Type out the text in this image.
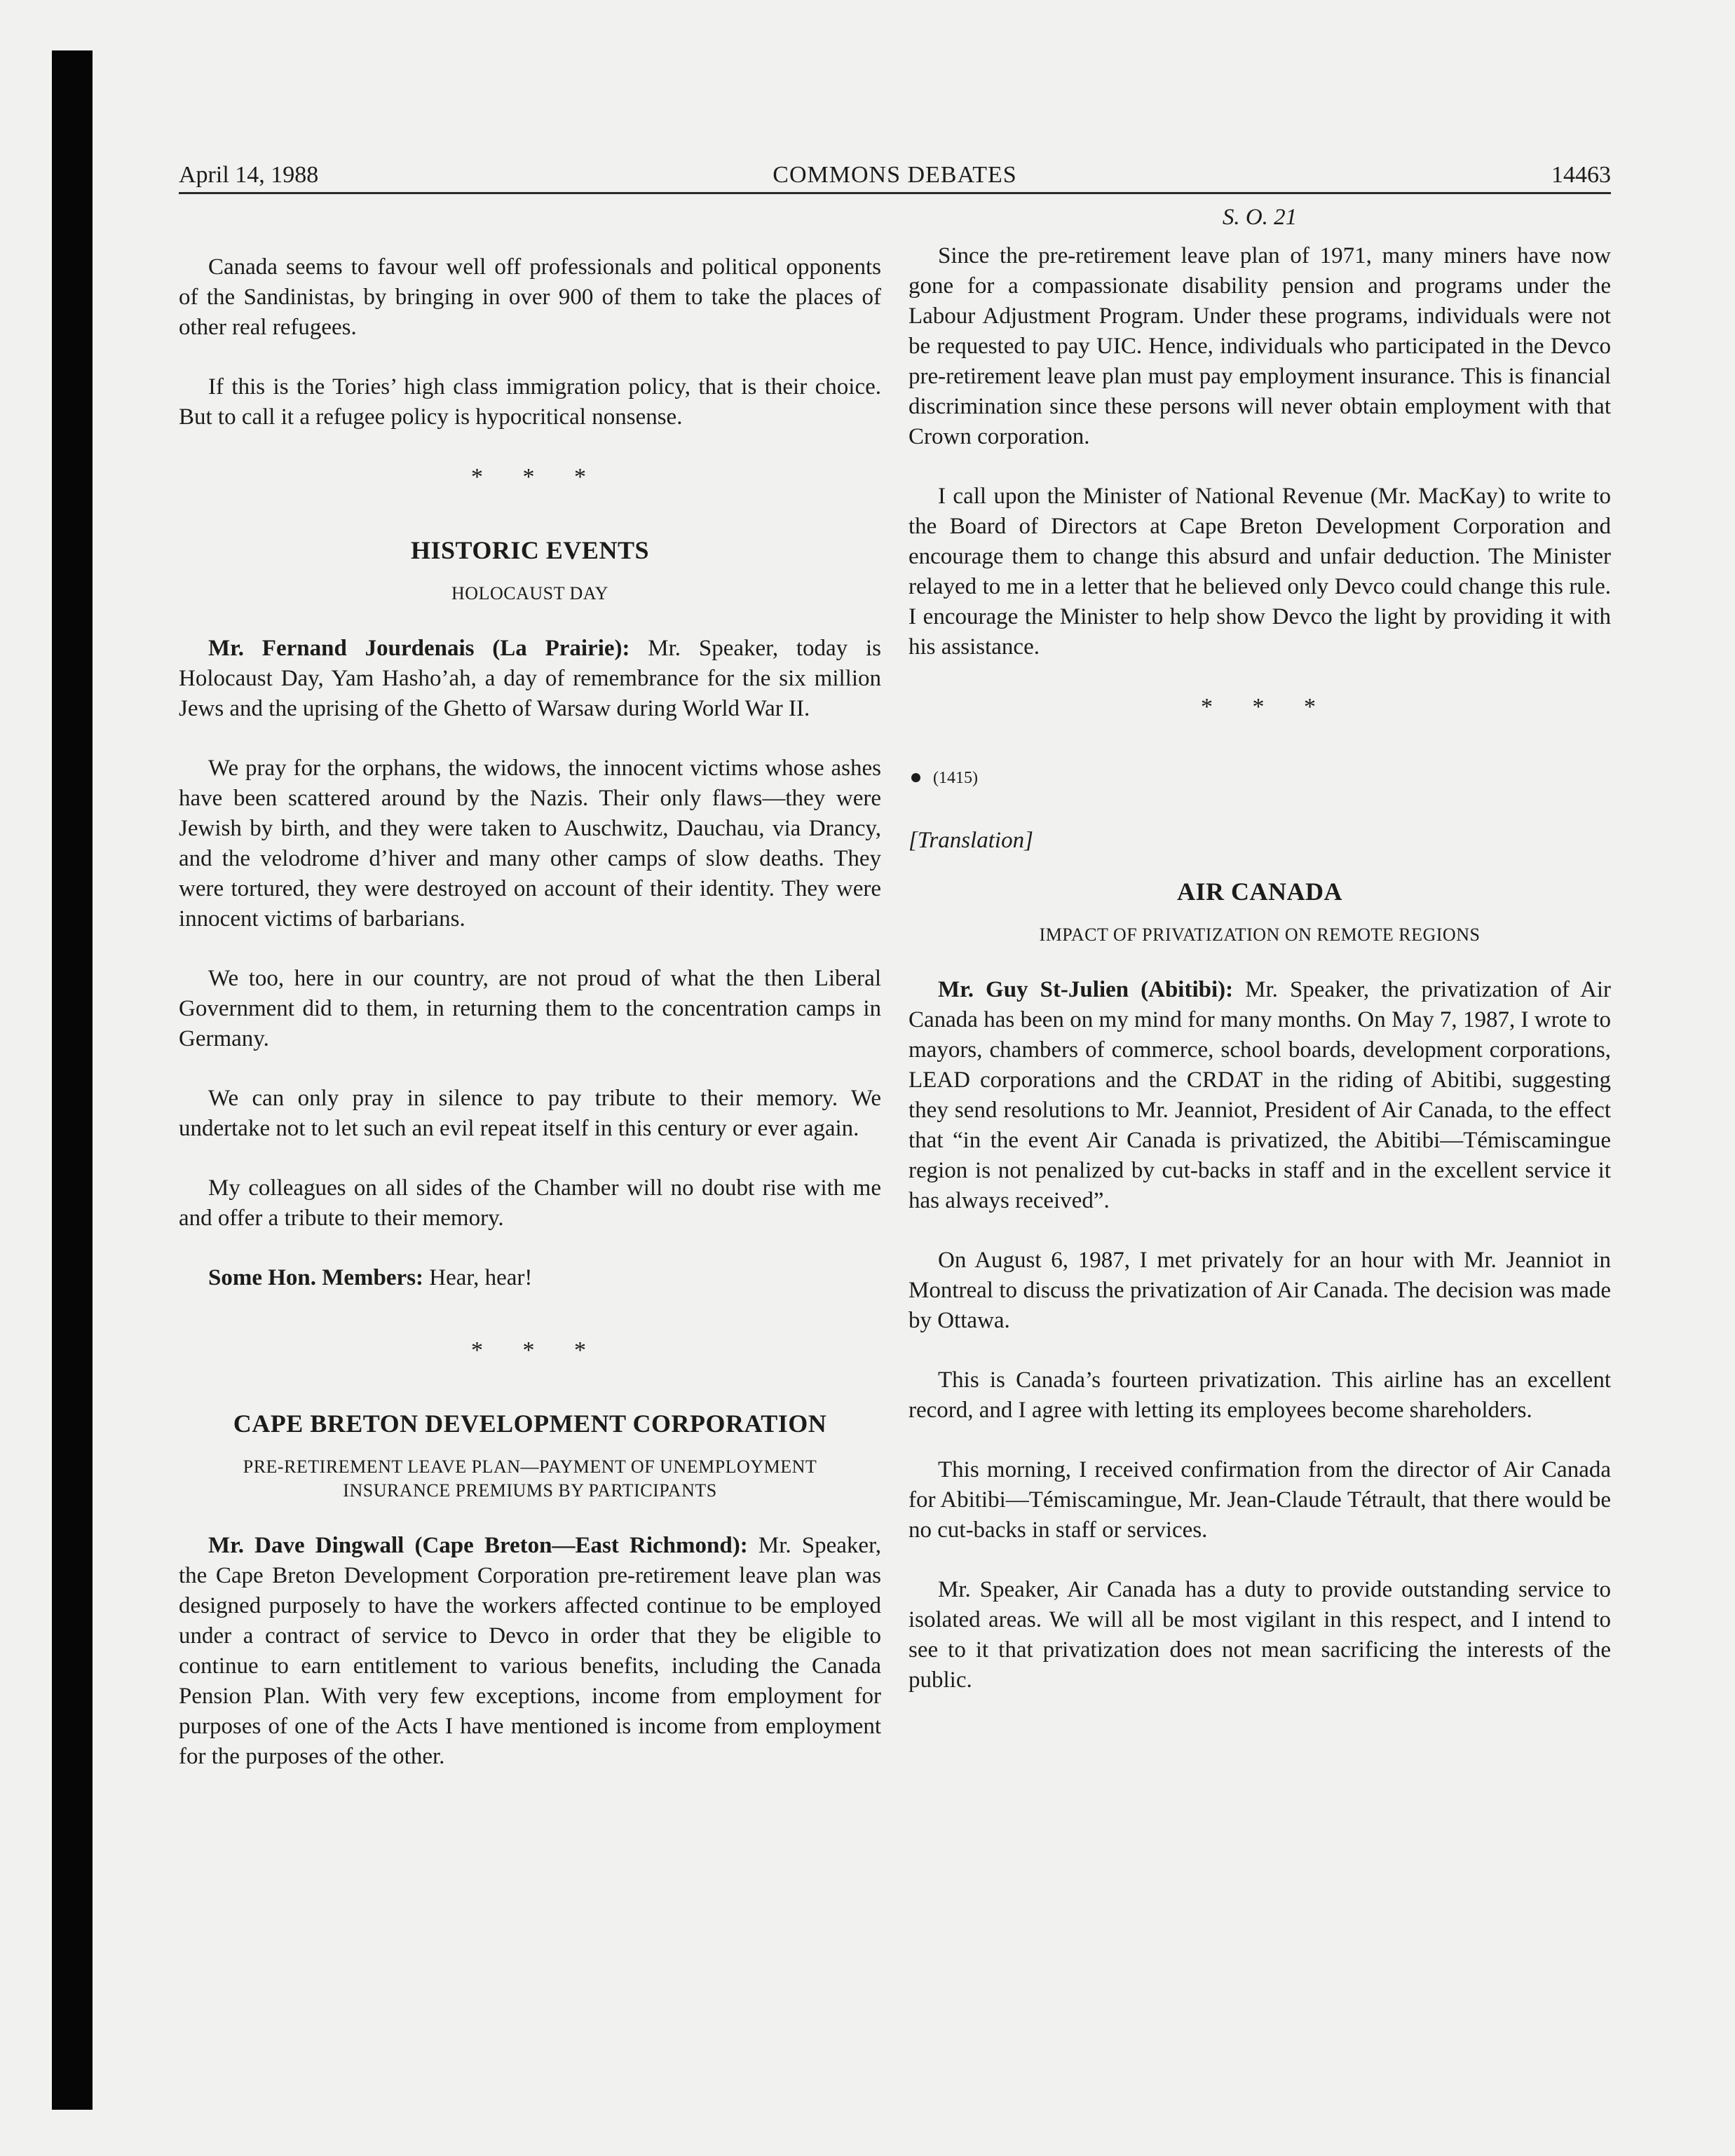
April 14, 1988	COMMONS DEBATES	14463

Canada seems to favour well off professionals and political opponents of the Sandinistas, by bringing in over 900 of them to take the places of other real refugees.

If this is the Tories’ high class immigration policy, that is their choice. But to call it a refugee policy is hypocritical nonsense.

* * *
HISTORIC EVENTS
HOLOCAUST DAY

Mr. Fernand Jourdenais (La Prairie): Mr. Speaker, today is Holocaust Day, Yam Hasho’ah, a day of remembrance for the six million Jews and the uprising of the Ghetto of Warsaw during World War II.

We pray for the orphans, the widows, the innocent victims whose ashes have been scattered around by the Nazis. Their only flaws—they were Jewish by birth, and they were taken to Auschwitz, Dauchau, via Drancy, and the velodrome d’hiver and many other camps of slow deaths. They were tortured, they were destroyed on account of their identity. They were innocent victims of barbarians.

We too, here in our country, are not proud of what the then Liberal Government did to them, in returning them to the concentration camps in Germany.

We can only pray in silence to pay tribute to their memory. We undertake not to let such an evil repeat itself in this century or ever again.

My colleagues on all sides of the Chamber will no doubt rise with me and offer a tribute to their memory.

Some Hon. Members: Hear, hear!

* * *
CAPE BRETON DEVELOPMENT CORPORATION
PRE-RETIREMENT LEAVE PLAN—PAYMENT OF UNEMPLOYMENT INSURANCE PREMIUMS BY PARTICIPANTS

Mr. Dave Dingwall (Cape Breton—East Richmond): Mr. Speaker, the Cape Breton Development Corporation pre-retirement leave plan was designed purposely to have the workers affected continue to be employed under a contract of service to Devco in order that they be eligible to continue to earn entitlement to various benefits, including the Canada Pension Plan. With very few exceptions, income from employment for purposes of one of the Acts I have mentioned is income from employment for the purposes of the other.

S. O. 21

Since the pre-retirement leave plan of 1971, many miners have now gone for a compassionate disability pension and programs under the Labour Adjustment Program. Under these programs, individuals were not be requested to pay UIC. Hence, individuals who participated in the Devco pre-retirement leave plan must pay employment insurance. This is financial discrimination since these persons will never obtain employment with that Crown corporation.

I call upon the Minister of National Revenue (Mr. MacKay) to write to the Board of Directors at Cape Breton Development Corporation and encourage them to change this absurd and unfair deduction. The Minister relayed to me in a letter that he believed only Devco could change this rule. I encourage the Minister to help show Devco the light by providing it with his assistance.

* * *
(1415)
[Translation]
AIR CANADA
IMPACT OF PRIVATIZATION ON REMOTE REGIONS

Mr. Guy St-Julien (Abitibi): Mr. Speaker, the privatization of Air Canada has been on my mind for many months. On May 7, 1987, I wrote to mayors, chambers of commerce, school boards, development corporations, LEAD corporations and the CRDAT in the riding of Abitibi, suggesting they send resolutions to Mr. Jeanniot, President of Air Canada, to the effect that “in the event Air Canada is privatized, the Abitibi—Témiscamingue region is not penalized by cut-backs in staff and in the excellent service it has always received”.

On August 6, 1987, I met privately for an hour with Mr. Jeanniot in Montreal to discuss the privatization of Air Canada. The decision was made by Ottawa.

This is Canada’s fourteen privatization. This airline has an excellent record, and I agree with letting its employees become shareholders.

This morning, I received confirmation from the director of Air Canada for Abitibi—Témiscamingue, Mr. Jean-Claude Tétrault, that there would be no cut-backs in staff or services.

Mr. Speaker, Air Canada has a duty to provide outstanding service to isolated areas. We will all be most vigilant in this respect, and I intend to see to it that privatization does not mean sacrificing the interests of the public.
